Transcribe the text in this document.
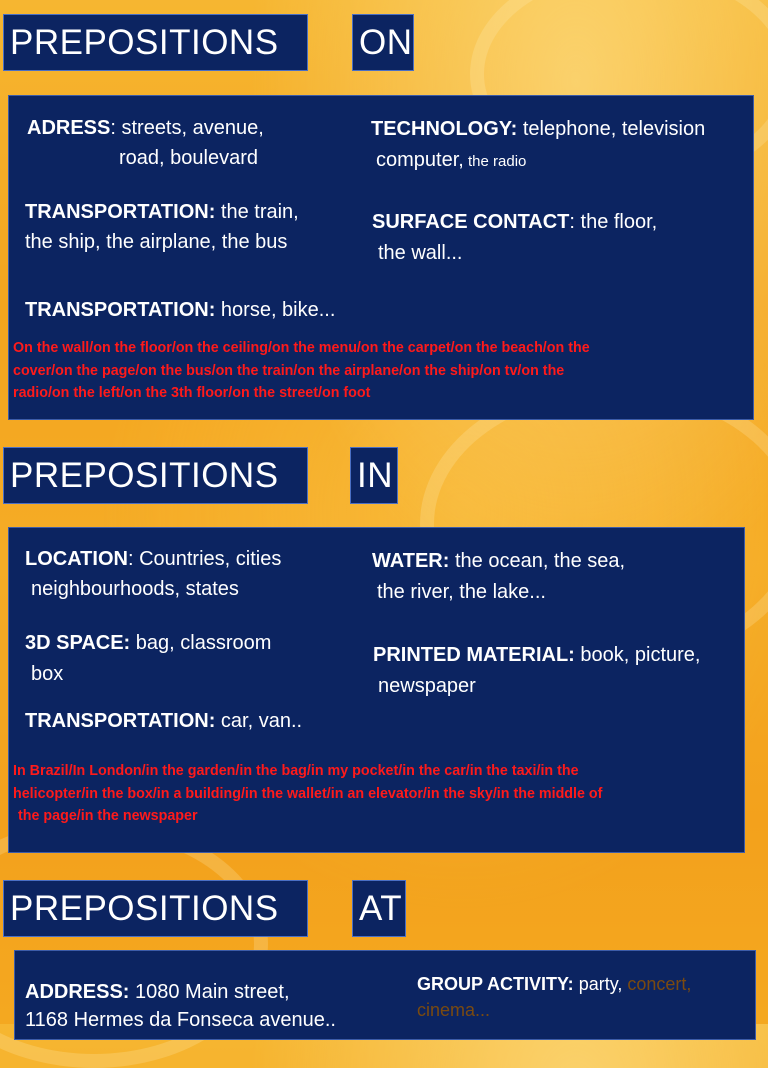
PREPOSITIONS ON
ADRESS: streets, avenue,
road, boulevard
TECHNOLOGY: telephone, television
computer, the radio
TRANSPORTATION: the train,
the ship, the airplane, the bus
SURFACE CONTACT: the floor,
the wall...
TRANSPORTATION: horse, bike...
On the wall/on the floor/on the ceiling/on the menu/on the carpet/on the beach/on the
cover/on the page/on the bus/on the train/on the airplane/on the ship/on tv/on the
radio/on the left/on the 3th floor/on the street/on foot
PREPOSITIONS IN
LOCATION: Countries, cities
neighbourhoods, states
WATER: the ocean, the sea,
the river, the lake...
3D SPACE: bag, classroom
box
PRINTED MATERIAL: book, picture,
newspaper
TRANSPORTATION: car, van..
In Brazil/In London/in the garden/in the bag/in my pocket/in the car/in the taxi/in the
helicopter/in the box/in a building/in the wallet/in an elevator/in the sky/in the middle of
the page/in the newspaper
PREPOSITIONS AT
ADDRESS: 1080 Main street,
1168 Hermes da Fonseca avenue..
GROUP ACTIVITY: party, concert,
cinema...
